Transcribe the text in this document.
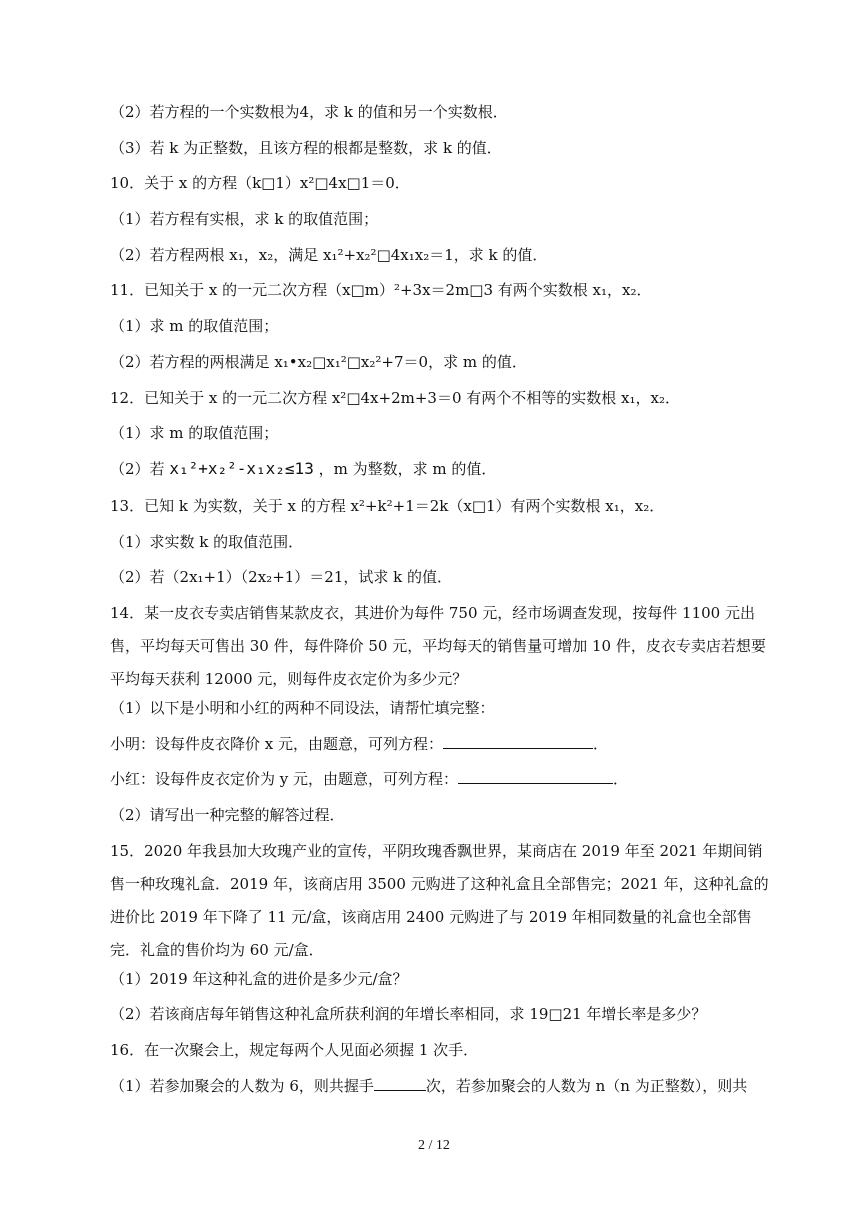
（2）若方程的一个实数根为4，求 k 的值和另一个实数根．
（3）若 k 为正整数，且该方程的根都是整数，求 k 的值．
10．关于 x 的方程（k□1）x²□4x□1＝0．
（1）若方程有实根，求 k 的取值范围；
（2）若方程两根 x₁，x₂，满足 x₁²+x₂²□4x₁x₂＝1，求 k 的值．
11．已知关于 x 的一元二次方程（x□m）²+3x＝2m□3 有两个实数根 x₁，x₂．
（1）求 m 的取值范围；
（2）若方程的两根满足 x₁•x₂□x₁²□x₂²+7＝0，求 m 的值．
12．已知关于 x 的一元二次方程 x²□4x+2m+3＝0 有两个不相等的实数根 x₁，x₂．
（1）求 m 的取值范围；
（2）若 x₁²+x₂²-x₁x₂≤13 ，m 为整数，求 m 的值．
13．已知 k 为实数，关于 x 的方程 x²+k²+1＝2k（x□1）有两个实数根 x₁，x₂．
（1）求实数 k 的取值范围．
（2）若（2x₁+1）（2x₂+1）＝21，试求 k 的值．
14．某一皮衣专卖店销售某款皮衣，其进价为每件 750 元，经市场调查发现，按每件 1100 元出售，平均每天可售出 30 件，每件降价 50 元，平均每天的销售量可增加 10 件，皮衣专卖店若想要平均每天获利 12000 元，则每件皮衣定价为多少元？
（1）以下是小明和小红的两种不同设法，请帮忙填完整：
小明：设每件皮衣降价 x 元，由题意，可列方程：	．
小红：设每件皮衣定价为 y 元，由题意，可列方程：	．
（2）请写出一种完整的解答过程．
15．2020 年我县加大玫瑰产业的宣传，平阴玫瑰香飘世界，某商店在 2019 年至 2021 年期间销售一种玫瑰礼盒．2019 年，该商店用 3500 元购进了这种礼盒且全部售完；2021 年，这种礼盒的进价比 2019 年下降了 11 元/盒，该商店用 2400 元购进了与 2019 年相同数量的礼盒也全部售完．礼盒的售价均为 60 元/盒．
（1）2019 年这种礼盒的进价是多少元/盒？
（2）若该商店每年销售这种礼盒所获利润的年增长率相同，求 19□21 年增长率是多少？
16．在一次聚会上，规定每两个人见面必须握 1 次手．
（1）若参加聚会的人数为 6，则共握手	次，若参加聚会的人数为 n（n 为正整数），则共
2 / 12
